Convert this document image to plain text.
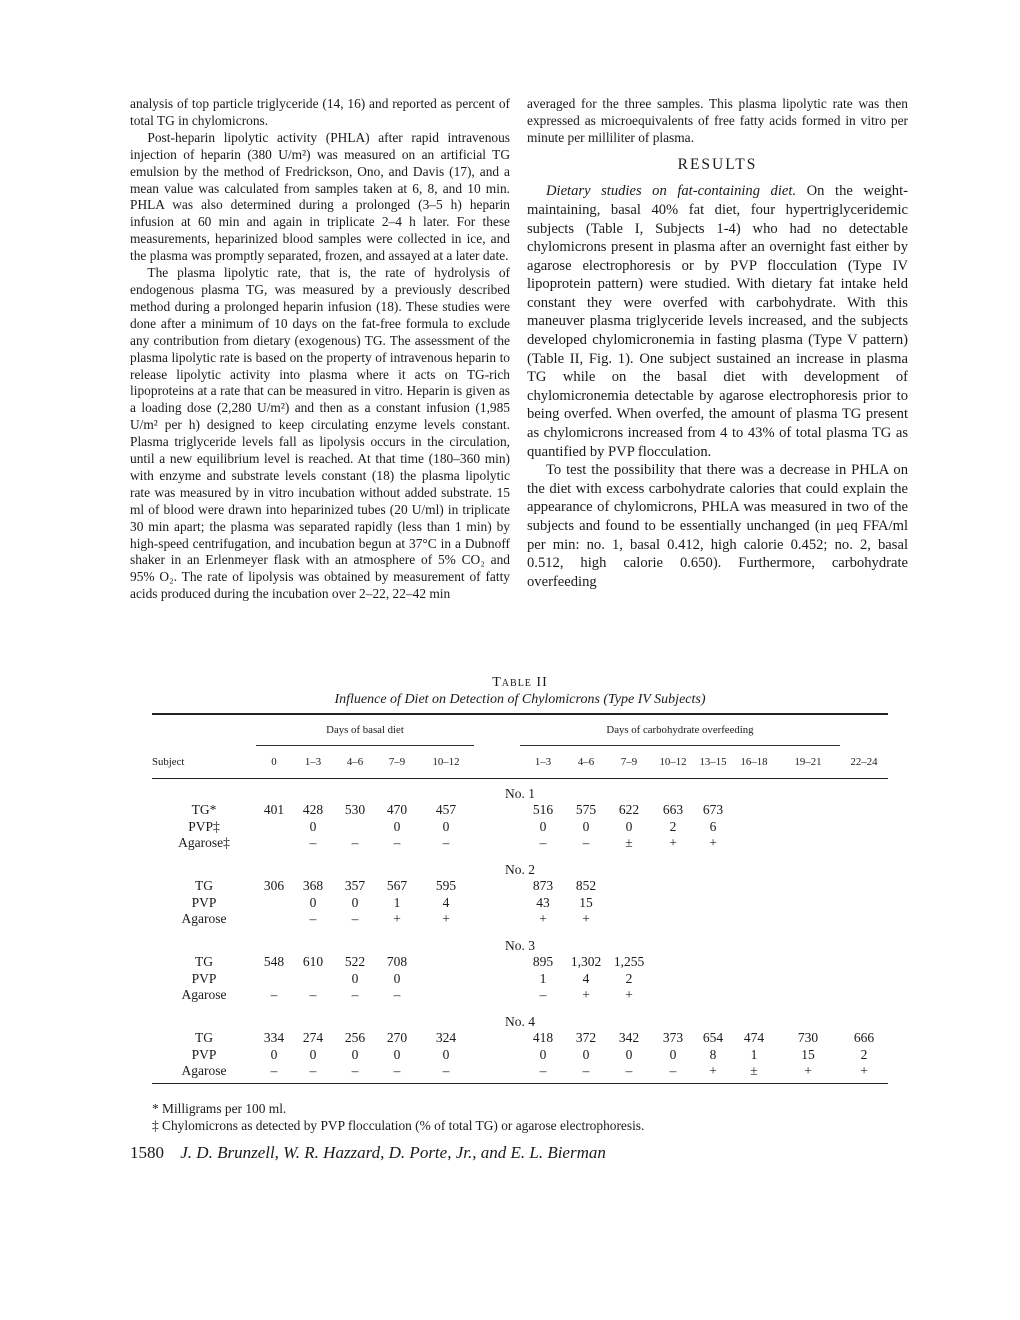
analysis of top particle triglyceride (14, 16) and reported as percent of total TG in chylomicrons.

Post-heparin lipolytic activity (PHLA) after rapid intravenous injection of heparin (380 U/m²) was measured on an artificial TG emulsion by the method of Fredrickson, Ono, and Davis (17), and a mean value was calculated from samples taken at 6, 8, and 10 min. PHLA was also determined during a prolonged (3–5 h) heparin infusion at 60 min and again in triplicate 2–4 h later. For these measurements, heparinized blood samples were collected in ice, and the plasma was promptly separated, frozen, and assayed at a later date.

The plasma lipolytic rate, that is, the rate of hydrolysis of endogenous plasma TG, was measured by a previously described method during a prolonged heparin infusion (18). These studies were done after a minimum of 10 days on the fat-free formula to exclude any contribution from dietary (exogenous) TG. The assessment of the plasma lipolytic rate is based on the property of intravenous heparin to release lipolytic activity into plasma where it acts on TG-rich lipoproteins at a rate that can be measured in vitro. Heparin is given as a loading dose (2,280 U/m²) and then as a constant infusion (1,985 U/m² per h) designed to keep circulating enzyme levels constant. Plasma triglyceride levels fall as lipolysis occurs in the circulation, until a new equilibrium level is reached. At that time (180–360 min) with enzyme and substrate levels constant (18) the plasma lipolytic rate was measured by in vitro incubation without added substrate. 15 ml of blood were drawn into heparinized tubes (20 U/ml) in triplicate 30 min apart; the plasma was separated rapidly (less than 1 min) by high-speed centrifugation, and incubation begun at 37°C in a Dubnoff shaker in an Erlenmeyer flask with an atmosphere of 5% CO₂ and 95% O₂. The rate of lipolysis was obtained by measurement of fatty acids produced during the incubation over 2–22, 22–42 min

averaged for the three samples. This plasma lipolytic rate was then expressed as microequivalents of free fatty acids formed in vitro per minute per milliliter of plasma.

RESULTS

Dietary studies on fat-containing diet. On the weight-maintaining, basal 40% fat diet, four hypertriglyceridemic subjects (Table I, Subjects 1-4) who had no detectable chylomicrons present in plasma after an overnight fast either by agarose electrophoresis or by PVP flocculation (Type IV lipoprotein pattern) were studied. With dietary fat intake held constant they were overfed with carbohydrate. With this maneuver plasma triglyceride levels increased, and the subjects developed chylomicronemia in fasting plasma (Type V pattern) (Table II, Fig. 1). One subject sustained an increase in plasma TG while on the basal diet with development of chylomicronemia detectable by agarose electrophoresis prior to being overfed. When overfed, the amount of plasma TG present as chylomicrons increased from 4 to 43% of total plasma TG as quantified by PVP flocculation.

To test the possibility that there was a decrease in PHLA on the diet with excess carbohydrate calories that could explain the appearance of chylomicrons, PHLA was measured in two of the subjects and found to be essentially unchanged (in μeq FFA/ml per min: no. 1, basal 0.412, high calorie 0.452; no. 2, basal 0.512, high calorie 0.650). Furthermore, carbohydrate overfeeding

Table II
Influence of Diet on Detection of Chylomicrons (Type IV Subjects)
	Days of basal diet						Days of carbohydrate overfeeding							
Subject	0	1–3	4–6	7–9	10–12		1–3	4–6	7–9	10–12	13–15	16–18	19–21	22–24

No. 1														
TG*	401	428	530	470	457		516	575	622	663	673			
PVP‡		0		0	0		0	0	0	2	6			
Agarose‡		–	–	–	–		–	–	±	+	+			

No. 2														
TG	306	368	357	567	595		873	852						
PVP		0	0	1	4		43	15						
Agarose		–	–	+	+		+	+						

No. 3														
TG	548	610	522	708			895	1,302	1,255					
PVP			0	0			1	4	2					
Agarose	–	–	–	–			–	+	+					

No. 4														
TG	334	274	256	270	324		418	372	342	373	654	474	730	666
PVP	0	0	0	0	0		0	0	0	0	8	1	15	2
Agarose	–	–	–	–	–		–	–	–	–	+	±	+	+

* Milligrams per 100 ml.
‡ Chylomicrons as detected by PVP flocculation (% of total TG) or agarose electrophoresis.
1580 J. D. Brunzell, W. R. Hazzard, D. Porte, Jr., and E. L. Bierman
